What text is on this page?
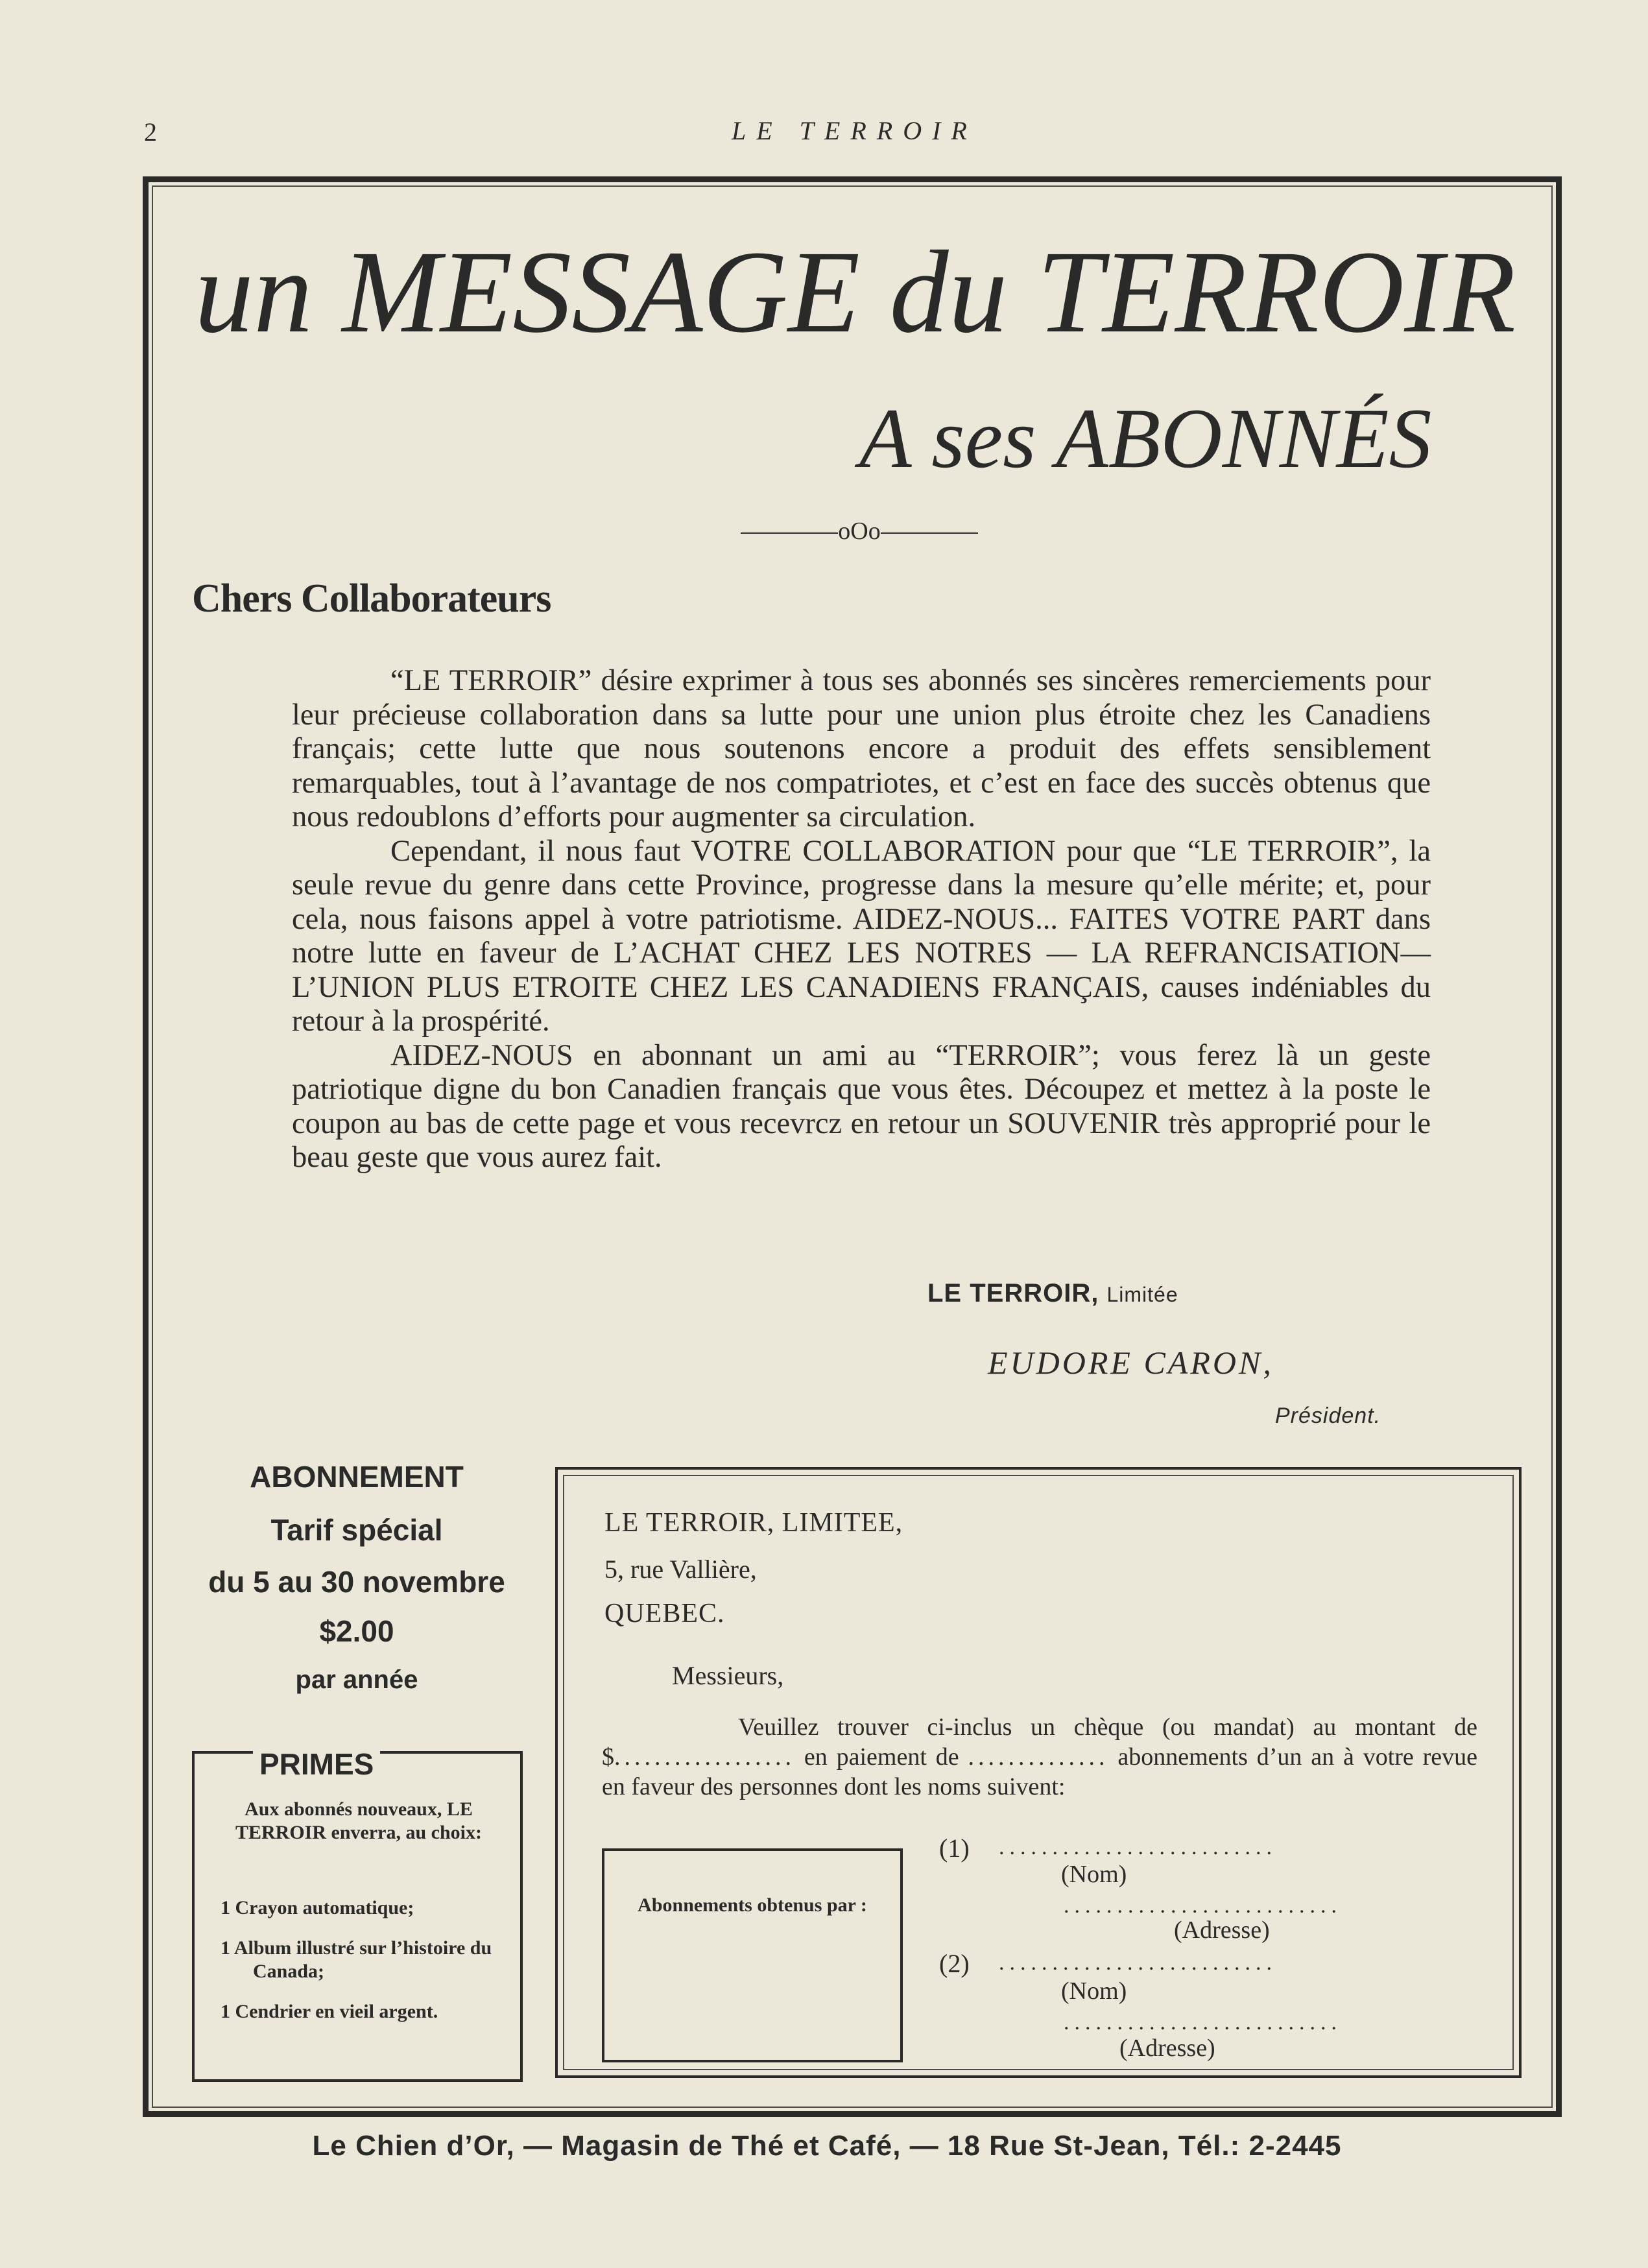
2	LE TERROIR
un MESSAGE du TERROIR
A ses ABONNÉS
oOo
Chers Collaborateurs

“LE TERROIR” désire exprimer à tous ses abonnés ses sincères remerciements pour leur précieuse collaboration dans sa lutte pour une union plus étroite chez les Canadiens français; cette lutte que nous soutenons encore a produit des effets sensiblement remarquables, tout à l’avantage de nos compatriotes, et c’est en face des succès obtenus que nous redoublons d’efforts pour augmenter sa circulation.

Cependant, il nous faut VOTRE COLLABORATION pour que “LE TERROIR”, la seule revue du genre dans cette Province, progresse dans la mesure qu’elle mérite; et, pour cela, nous faisons appel à votre patriotisme. AIDEZ-NOUS... FAITES VOTRE PART dans notre lutte en faveur de L’ACHAT CHEZ LES NOTRES — LA REFRANCISATION—L’UNION PLUS ETROITE CHEZ LES CANADIENS FRANÇAIS, causes indéniables du retour à la prospérité.

AIDEZ-NOUS en abonnant un ami au “TERROIR”; vous ferez là un geste patriotique digne du bon Canadien français que vous êtes. Découpez et mettez à la poste le coupon au bas de cette page et vous recevrcz en retour un SOUVENIR très approprié pour le beau geste que vous aurez fait.

LE TERROIR, Limitée
EUDORE CARON,
Président.
ABONNEMENT
Tarif spécial
du 5 au 30 novembre
$2.00
par année
PRIMES
Aux abonnés nouveaux, LE TERROIR enverra, au choix:
1 Crayon automatique;
1 Album illustré sur l’histoire du Canada;
1 Cendrier en vieil argent.
LE TERROIR, LIMITEE,
5, rue Vallière,
QUEBEC.
Messieurs,

Veuillez trouver ci-inclus un chèque (ou mandat) au montant de $.................. en paiement de .............. abonnements d’un an à votre revue en faveur des personnes dont les noms suivent:

Abonnements obtenus par :
(1) ..........................
(Nom)
..........................
(Adresse)
(2) ..........................
(Nom)
..........................
(Adresse)
Le Chien d’Or, — Magasin de Thé et Café, — 18 Rue St-Jean, Tél.: 2-2445
